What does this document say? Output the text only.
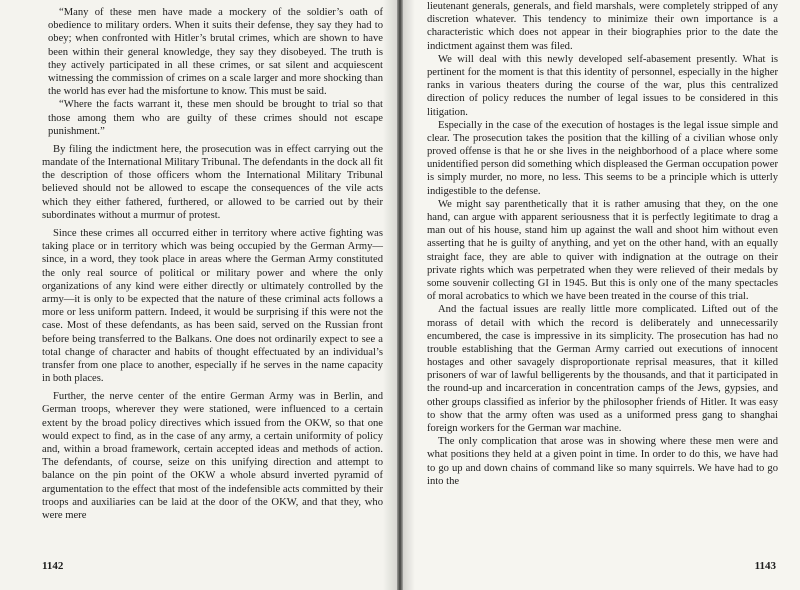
“Many of these men have made a mockery of the soldier’s oath of obedience to military orders. When it suits their defense, they say they had to obey; when confronted with Hitler’s brutal crimes, which are shown to have been within their general knowledge, they say they disobeyed. The truth is they actively participated in all these crimes, or sat silent and acquiescent witnessing the commission of crimes on a scale larger and more shocking than the world has ever had the misfortune to know. This must be said.

“Where the facts warrant it, these men should be brought to trial so that those among them who are guilty of these crimes should not escape punishment.”

By filing the indictment here, the prosecution was in effect carrying out the mandate of the International Military Tribunal. The defendants in the dock all fit the description of those officers whom the International Military Tribunal believed should not be allowed to escape the consequences of the vile acts which they either fathered, furthered, or allowed to be carried out by their subordinates without a murmur of protest.

Since these crimes all occurred either in territory where active fighting was taking place or in territory which was being occupied by the German Army—since, in a word, they took place in areas where the German Army constituted the only real source of political or military power and where the only organizations of any kind were either directly or ultimately controlled by the army—it is only to be expected that the nature of these criminal acts follows a more or less uniform pattern. Indeed, it would be surprising if this were not the case. Most of these defendants, as has been said, served on the Russian front before being transferred to the Balkans. One does not ordinarily expect to see a total change of character and habits of thought effectuated by an individual’s transfer from one place to another, especially if he serves in the name capacity in both places.

Further, the nerve center of the entire German Army was in Berlin, and German troops, wherever they were stationed, were influenced to a certain extent by the broad policy directives which issued from the OKW, so that one would expect to find, as in the case of any army, a certain uniformity of policy and, within a broad framework, certain accepted ideas and methods of action. The defendants, of course, seize on this unifying direction and attempt to balance on the pin point of the OKW a whole absurd inverted pyramid of argumentation to the effect that most of the indefensible acts committed by their troops and auxiliaries can be laid at the door of the OKW, and that they, who were mere

1142

lieutenant generals, generals, and field marshals, were completely stripped of any discretion whatever. This tendency to minimize their own importance is a characteristic which does not appear in their biographies prior to the date the indictment against them was filed.

We will deal with this newly developed self-abasement presently. What is pertinent for the moment is that this identity of personnel, especially in the higher ranks in various theaters during the course of the war, plus this centralized direction of policy reduces the number of legal issues to be considered in this litigation.

Especially in the case of the execution of hostages is the legal issue simple and clear. The prosecution takes the position that the killing of a civilian whose only proved offense is that he or she lives in the neighborhood of a place where some unidentified person did something which displeased the German occupation power is simply murder, no more, no less. This seems to be a principle which is utterly indigestible to the defense.

We might say parenthetically that it is rather amusing that they, on the one hand, can argue with apparent seriousness that it is perfectly legitimate to drag a man out of his house, stand him up against the wall and shoot him without even asserting that he is guilty of anything, and yet on the other hand, with an equally straight face, they are able to quiver with indignation at the outrage on their private rights which was perpetrated when they were relieved of their medals by some souvenir collecting GI in 1945. But this is only one of the many spectacles of moral acrobatics to which we have been treated in the course of this trial.

And the factual issues are really little more complicated. Lifted out of the morass of detail with which the record is deliberately and unnecessarily encumbered, the case is impressive in its simplicity. The prosecution has had no trouble establishing that the German Army carried out executions of innocent hostages and other savagely disproportionate reprisal measures, that it killed prisoners of war of lawful belligerents by the thousands, and that it participated in the round-up and incarceration in concentration camps of the Jews, gypsies, and other groups classified as inferior by the philosopher friends of Hitler. It was easy to show that the army often was used as a uniformed press gang to shanghai foreign workers for the German war machine.

The only complication that arose was in showing where these men were and what positions they held at a given point in time. In order to do this, we have had to go up and down chains of command like so many squirrels. We have had to go into the

1143
